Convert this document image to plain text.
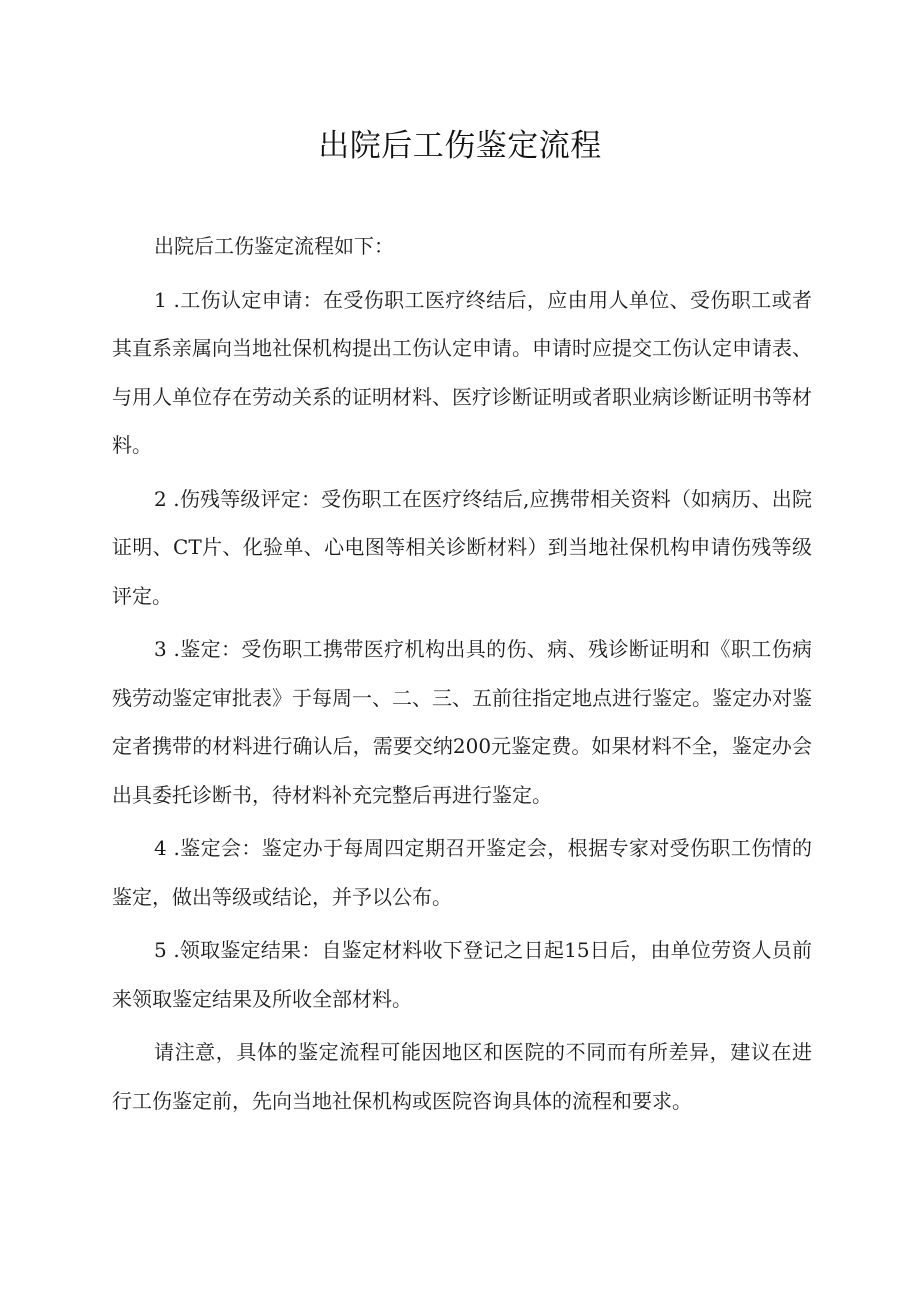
出院后工伤鉴定流程

出院后工伤鉴定流程如下：

1 .工伤认定申请：在受伤职工医疗终结后，应由用人单位、受伤职工或者其直系亲属向当地社保机构提出工伤认定申请。申请时应提交工伤认定申请表、与用人单位存在劳动关系的证明材料、医疗诊断证明或者职业病诊断证明书等材料。

2 .伤残等级评定：受伤职工在医疗终结后,应携带相关资料（如病历、出院证明、CT片、化验单、心电图等相关诊断材料）到当地社保机构申请伤残等级评定。

3 .鉴定：受伤职工携带医疗机构出具的伤、病、残诊断证明和《职工伤病残劳动鉴定审批表》于每周一、二、三、五前往指定地点进行鉴定。鉴定办对鉴定者携带的材料进行确认后，需要交纳200元鉴定费。如果材料不全，鉴定办会出具委托诊断书，待材料补充完整后再进行鉴定。

4 .鉴定会：鉴定办于每周四定期召开鉴定会，根据专家对受伤职工伤情的鉴定，做出等级或结论，并予以公布。

5 .领取鉴定结果：自鉴定材料收下登记之日起15日后，由单位劳资人员前来领取鉴定结果及所收全部材料。

请注意，具体的鉴定流程可能因地区和医院的不同而有所差异，建议在进行工伤鉴定前，先向当地社保机构或医院咨询具体的流程和要求。
